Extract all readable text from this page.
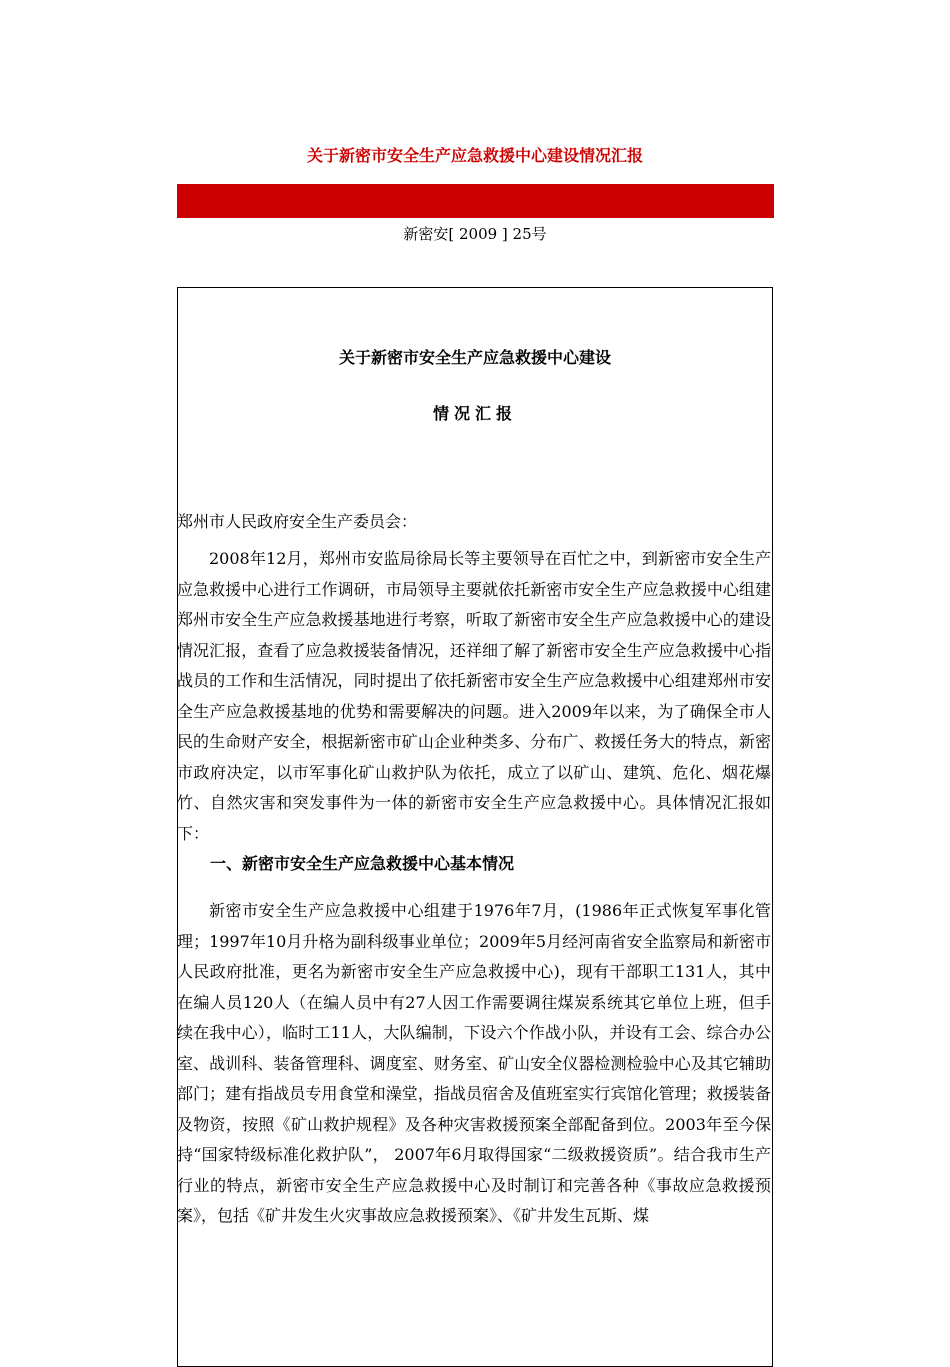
关于新密市安全生产应急救援中心建设情况汇报
新密安[ 2009 ] 25号
关于新密市安全生产应急救援中心建设
情况汇报
郑州市人民政府安全生产委员会：

2008年12月，郑州市安监局徐局长等主要领导在百忙之中，到新密市安全生产应急救援中心进行工作调研，市局领导主要就依托新密市安全生产应急救援中心组建郑州市安全生产应急救援基地进行考察，听取了新密市安全生产应急救援中心的建设情况汇报，查看了应急救援装备情况，还祥细了解了新密市安全生产应急救援中心指战员的工作和生活情况，同时提出了依托新密市安全生产应急救援中心组建郑州市安全生产应急救援基地的优势和需要解决的问题。进入2009年以来，为了确保全市人民的生命财产安全，根据新密市矿山企业种类多、分布广、救援任务大的特点，新密市政府决定，以市军事化矿山救护队为依托，成立了以矿山、建筑、危化、烟花爆竹、自然灾害和突发事件为一体的新密市安全生产应急救援中心。具体情况汇报如下：

一、新密市安全生产应急救援中心基本情况

新密市安全生产应急救援中心组建于1976年7月，(1986年正式恢复军事化管理；1997年10月升格为副科级事业单位；2009年5月经河南省安全监察局和新密市人民政府批准，更名为新密市安全生产应急救援中心)，现有干部职工131人，其中在编人员120人（在编人员中有27人因工作需要调往煤炭系统其它单位上班，但手续在我中心），临时工11人，大队编制，下设六个作战小队，并设有工会、综合办公室、战训科、装备管理科、调度室、财务室、矿山安全仪器检测检验中心及其它辅助部门；建有指战员专用食堂和澡堂，指战员宿舍及值班室实行宾馆化管理；救援装备及物资，按照《矿山救护规程》及各种灾害救援预案全部配备到位。2003年至今保持“国家特级标准化救护队”， 2007年6月取得国家“二级救援资质”。结合我市生产行业的特点，新密市安全生产应急救援中心及时制订和完善各种《事故应急救援预案》，包括《矿井发生火灾事故应急救援预案》、《矿井发生瓦斯、煤
